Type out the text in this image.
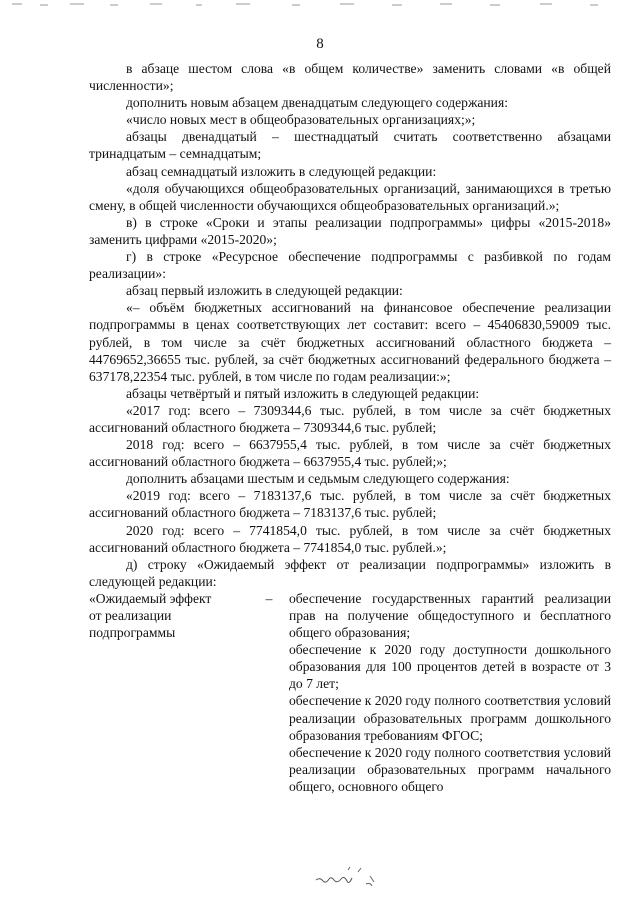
8

в абзаце шестом слова «в общем количестве» заменить словами «в общей численности»;

дополнить новым абзацем двенадцатым следующего содержания:

«число новых мест в общеобразовательных организациях;»;

абзацы двенадцатый – шестнадцатый считать соответственно абзацами тринадцатым – семнадцатым;

абзац семнадцатый изложить в следующей редакции:

«доля обучающихся общеобразовательных организаций, занимающихся в третью смену, в общей численности обучающихся общеобразовательных организаций.»;

в) в строке «Сроки и этапы реализации подпрограммы» цифры «2015-2018» заменить цифрами «2015-2020»;

г) в строке «Ресурсное обеспечение подпрограммы с разбивкой по годам реализации»:

абзац первый изложить в следующей редакции:

«– объём бюджетных ассигнований на финансовое обеспечение реализации подпрограммы в ценах соответствующих лет составит: всего – 45406830,59009 тыс. рублей, в том числе за счёт бюджетных ассигнований областного бюджета – 44769652,36655 тыс. рублей, за счёт бюджетных ассигнований федерального бюджета – 637178,22354 тыс. рублей, в том числе по годам реализации:»;

абзацы четвёртый и пятый изложить в следующей редакции:

«2017 год: всего – 7309344,6 тыс. рублей, в том числе за счёт бюджетных ассигнований областного бюджета – 7309344,6 тыс. рублей;

2018 год: всего – 6637955,4 тыс. рублей, в том числе за счёт бюджетных ассигнований областного бюджета – 6637955,4 тыс. рублей;»;

дополнить абзацами шестым и седьмым следующего содержания:

«2019 год: всего – 7183137,6 тыс. рублей, в том числе за счёт бюджетных ассигнований областного бюджета – 7183137,6 тыс. рублей;

2020 год: всего – 7741854,0 тыс. рублей, в том числе за счёт бюджетных ассигнований областного бюджета – 7741854,0 тыс. рублей.»;

д) строку «Ожидаемый эффект от реализации подпрограммы» изложить в следующей редакции:

«Ожидаемый эффект
от реализации
подпрограммы
–	обеспечение государственных гарантий реализации прав на получение общедоступного и бесплатного общего образования;

обеспечение к 2020 году доступности дошкольного образования для 100 процентов детей в возрасте от 3 до 7 лет;

обеспечение к 2020 году полного соответствия условий реализации образовательных программ дошкольного образования требованиям ФГОС;

обеспечение к 2020 году полного соответствия условий реализации образовательных программ начального общего, основного общего
